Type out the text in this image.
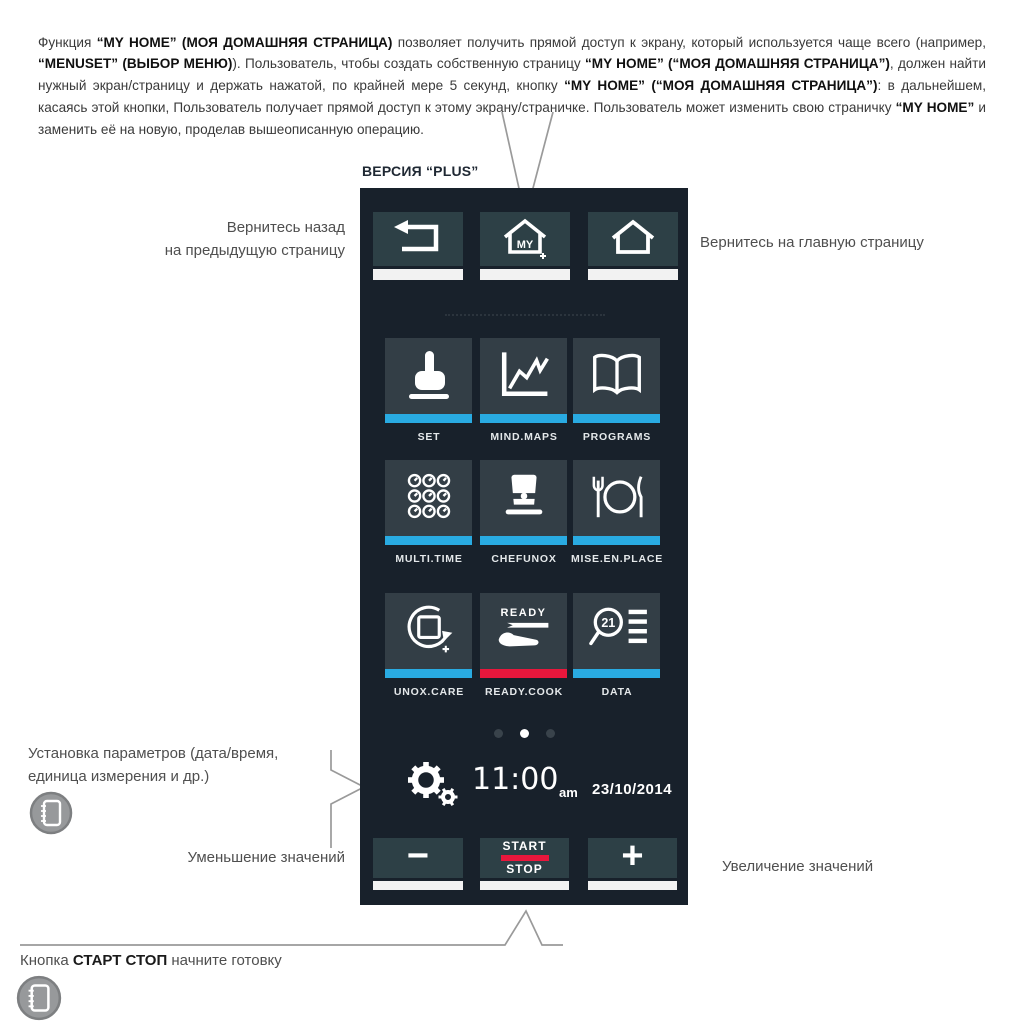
Функция “MY HOME” (МОЯ ДОМАШНЯЯ СТРАНИЦА) позволяет получить прямой доступ к экрану, который используется чаще всего (например, “MENUSET” (ВЫБОР МЕНЮ)). Пользователь, чтобы создать собственную страницу “MY HOME” (“МОЯ ДОМАШНЯЯ СТРАНИЦА”), должен найти нужный экран/страницу и держать нажатой, по крайней мере 5 секунд, кнопку “MY HOME” (“МОЯ ДОМАШНЯЯ СТРАНИЦА”): в дальнейшем, касаясь этой кнопки, Пользователь получает прямой доступ к этому экрану/страничке. Пользователь может изменить свою страничку “MY HOME” и заменить её на новую, проделав вышеописанную операцию.

ВЕРСИЯ “PLUS”
MY
SET	MIND.MAPS	PROGRAMS
MULTI.TIME	CHEFUNOX	MISE.EN.PLACE
UNOX.CARE
READY
READY.COOK
21
DATA
11:00 am 23/10/2014
−	START
STOP +
Вернитесь назад
на предыдущую страницу	Вернитесь на главную страницу
Установка параметров (дата/время,
единица измерения и др.)
Уменьшение значений
Увеличение значений
Кнопка СТАРТ СТОП начните готовку
